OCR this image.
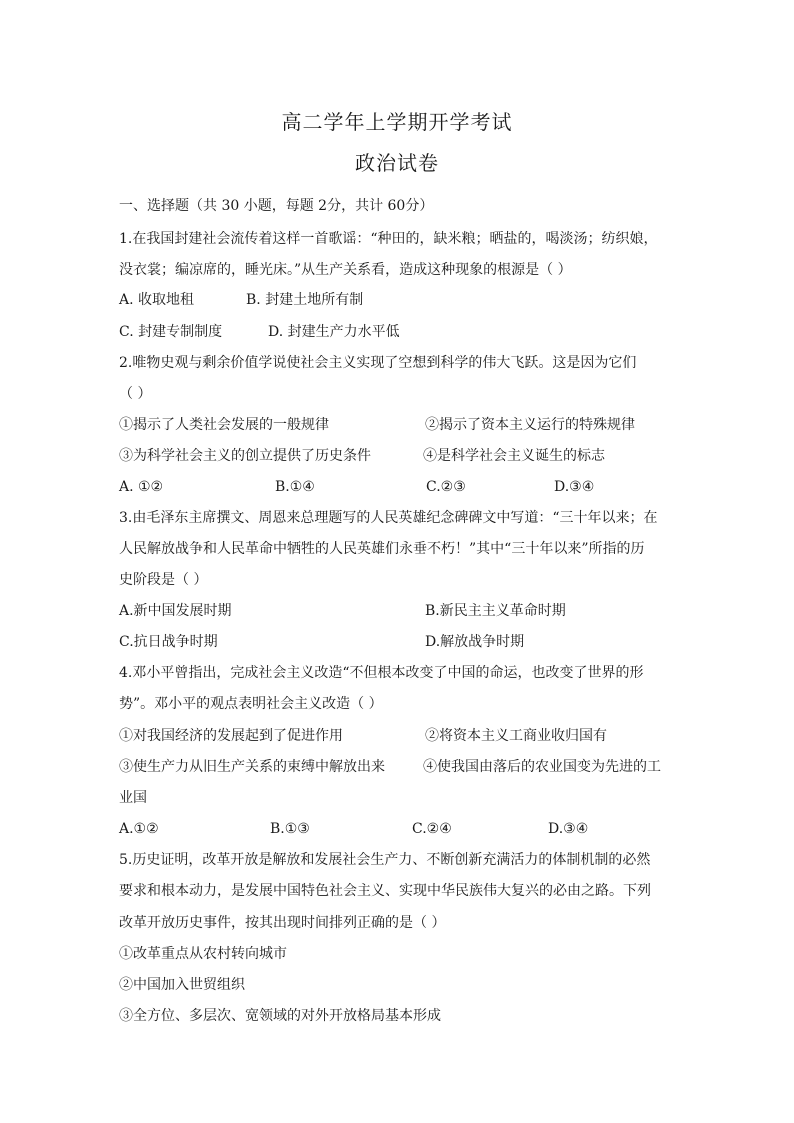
高二学年上学期开学考试
政治试卷
一、选择题（共 30 小题，每题 2分，共计 60分）
1.在我国封建社会流传着这样一首歌谣：“种田的，缺米粮；晒盐的，喝淡汤；纺织娘，
没衣裳；编凉席的，睡光床。”从生产关系看，造成这种现象的根源是（ ）
A. 收取地租	B. 封建土地所有制
C. 封建专制制度	D. 封建生产力水平低
2.唯物史观与剩余价值学说使社会主义实现了空想到科学的伟大飞跃。这是因为它们
（ ）
①揭示了人类社会发展的一般规律	②揭示了资本主义运行的特殊规律
③为科学社会主义的创立提供了历史条件	④是科学社会主义诞生的标志
A. ①②	B.①④	C.②③	D.③④
3.由毛泽东主席撰文、周恩来总理题写的人民英雄纪念碑碑文中写道：“三十年以来；在
人民解放战争和人民革命中牺牲的人民英雄们永垂不朽！”其中“三十年以来”所指的历
史阶段是（ ）
A.新中国发展时期	B.新民主主义革命时期
C.抗日战争时期	D.解放战争时期
4.邓小平曾指出，完成社会主义改造“不但根本改变了中国的命运，也改变了世界的形
势”。邓小平的观点表明社会主义改造（ ）
①对我国经济的发展起到了促进作用	②将资本主义工商业收归国有
③使生产力从旧生产关系的束缚中解放出来	④使我国由落后的农业国变为先进的工
业国
A.①②	B.①③	C.②④	D.③④
5.历史证明，改革开放是解放和发展社会生产力、不断创新充满活力的体制机制的必然
要求和根本动力，是发展中国特色社会主义、实现中华民族伟大复兴的必由之路。下列
改革开放历史事件，按其出现时间排列正确的是（ ）
①改革重点从农村转向城市
②中国加入世贸组织
③全方位、多层次、宽领域的对外开放格局基本形成
